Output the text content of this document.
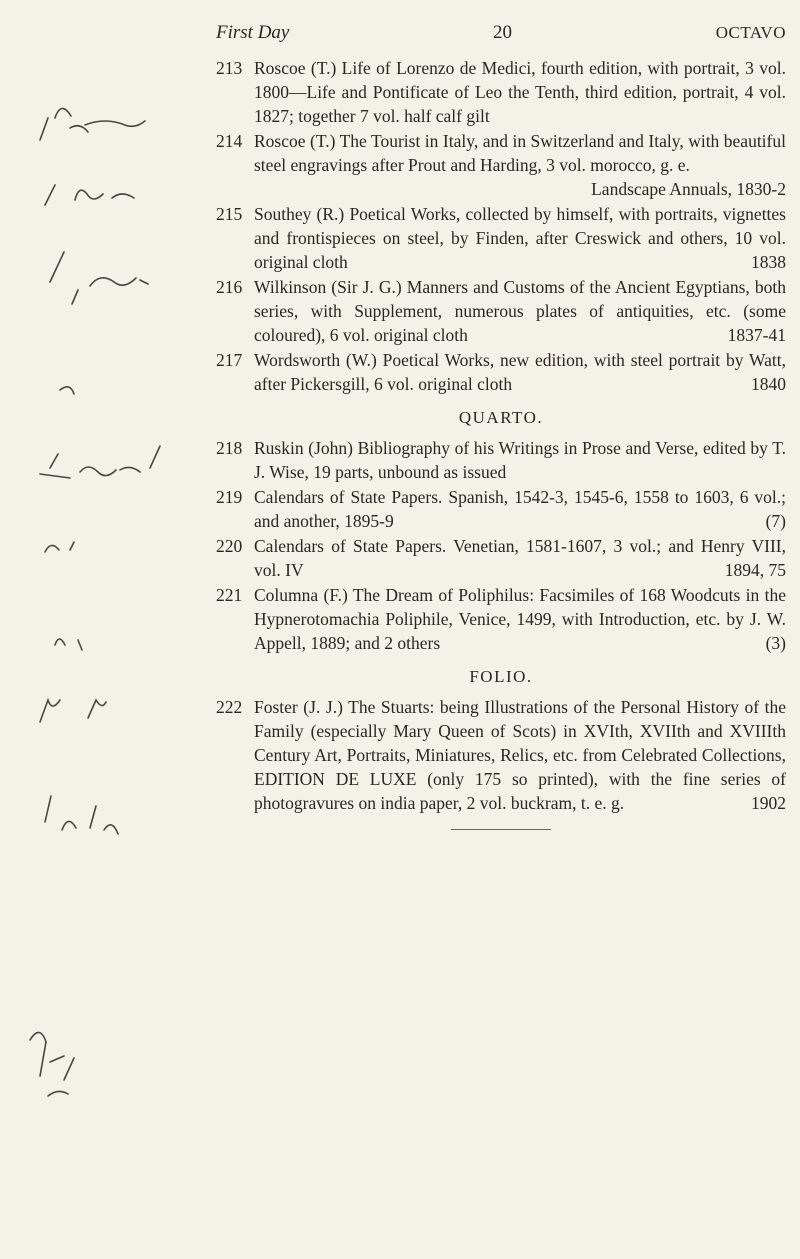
First Day	20	OCTAVO
213 Roscoe (T.) Life of Lorenzo de Medici, fourth edition, with portrait, 3 vol. 1800—Life and Pontificate of Leo the Tenth, third edition, portrait, 4 vol. 1827; together 7 vol. half calf gilt
214 Roscoe (T.) The Tourist in Italy, and in Switzerland and Italy, with beautiful steel engravings after Prout and Harding, 3 vol. morocco, g. e.
Landscape Annuals, 1830-2
215 Southey (R.) Poetical Works, collected by himself, with portraits, vignettes and frontispieces on steel, by Finden, after Creswick and others, 10 vol. original cloth	1838
216 Wilkinson (Sir J. G.) Manners and Customs of the Ancient Egyptians, both series, with Supplement, numerous plates of antiquities, etc. (some coloured), 6 vol. original cloth	1837-41
217 Wordsworth (W.) Poetical Works, new edition, with steel portrait by Watt, after Pickersgill, 6 vol. original cloth	1840
QUARTO.
218 Ruskin (John) Bibliography of his Writings in Prose and Verse, edited by T. J. Wise, 19 parts, unbound as issued
219 Calendars of State Papers. Spanish, 1542-3, 1545-6, 1558 to 1603, 6 vol.; and another, 1895-9	(7)
220 Calendars of State Papers. Venetian, 1581-1607, 3 vol.; and Henry VIII, vol. IV	1894, 75
221 Columna (F.) The Dream of Poliphilus: Facsimiles of 168 Woodcuts in the Hypnerotomachia Poliphile, Venice, 1499, with Introduction, etc. by J. W. Appell, 1889; and 2 others	(3)
FOLIO.
222 Foster (J. J.) The Stuarts: being Illustrations of the Personal History of the Family (especially Mary Queen of Scots) in XVIth, XVIIth and XVIIIth Century Art, Portraits, Miniatures, Relics, etc. from Celebrated Collections, EDITION DE LUXE (only 175 so printed), with the fine series of photogravures on india paper, 2 vol. buckram, t. e. g.	1902
